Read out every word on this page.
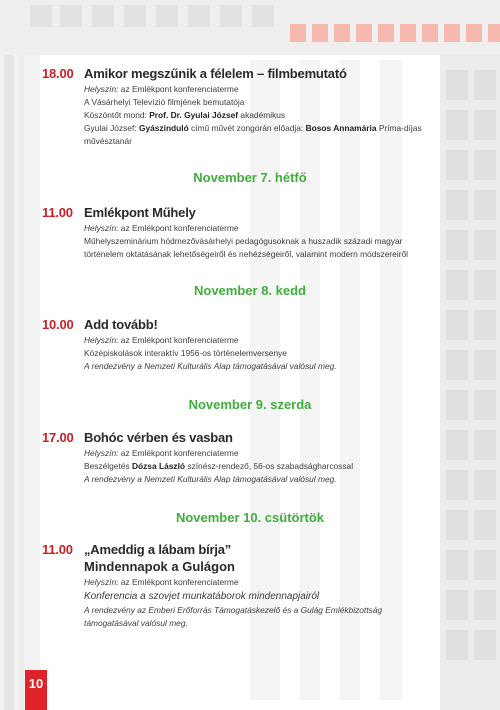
18.00 Amikor megszűnik a félelem – filmbemutató
Helyszín: az Emlékpont konferenciaterme
A Vásárhelyi Televízió filmjének bemutatója
Köszöntőt mond: Prof. Dr. Gyulai József akadémikus
Gyulai József: Gyászinduló című művét zongorán előadja: Bosos Annamária Príma-díjas
művésztanár
November 7. hétfő
11.00 Emlékpont Műhely
Helyszín: az Emlékpont konferenciaterme
Műhelyszeminárium hódmezővásárhelyi pedagógusoknak a huszadik századi magyar
történelem oktatásának lehetőségeiről és nehézségeiről, valamint modern módszereiről
November 8. kedd
10.00 Add tovább!
Helyszín: az Emlékpont konferenciaterme
Középiskolások interaktív 1956-os történelemversenye
A rendezvény a Nemzeti Kulturális Alap támogatásával valósul meg.
November 9. szerda
17.00 Bohóc vérben és vasban
Helyszín: az Emlékpont konferenciaterme
Beszélgetés Dózsa László színész-rendező, 56-os szabadságharcossal
A rendezvény a Nemzeti Kulturális Alap támogatásával valósul meg.
November 10. csütörtök
11.00 „Ameddig a lábam bírja”
Mindennapok a Gulágon
Helyszín: az Emlékpont konferenciaterme
Konferencia a szovjet munkatáborok mindennapjairól
A rendezvény az Emberi Erőforrás Támogatáskezelő és a Gulág Emlékbizottság
támogatásával valósul meg.
10
